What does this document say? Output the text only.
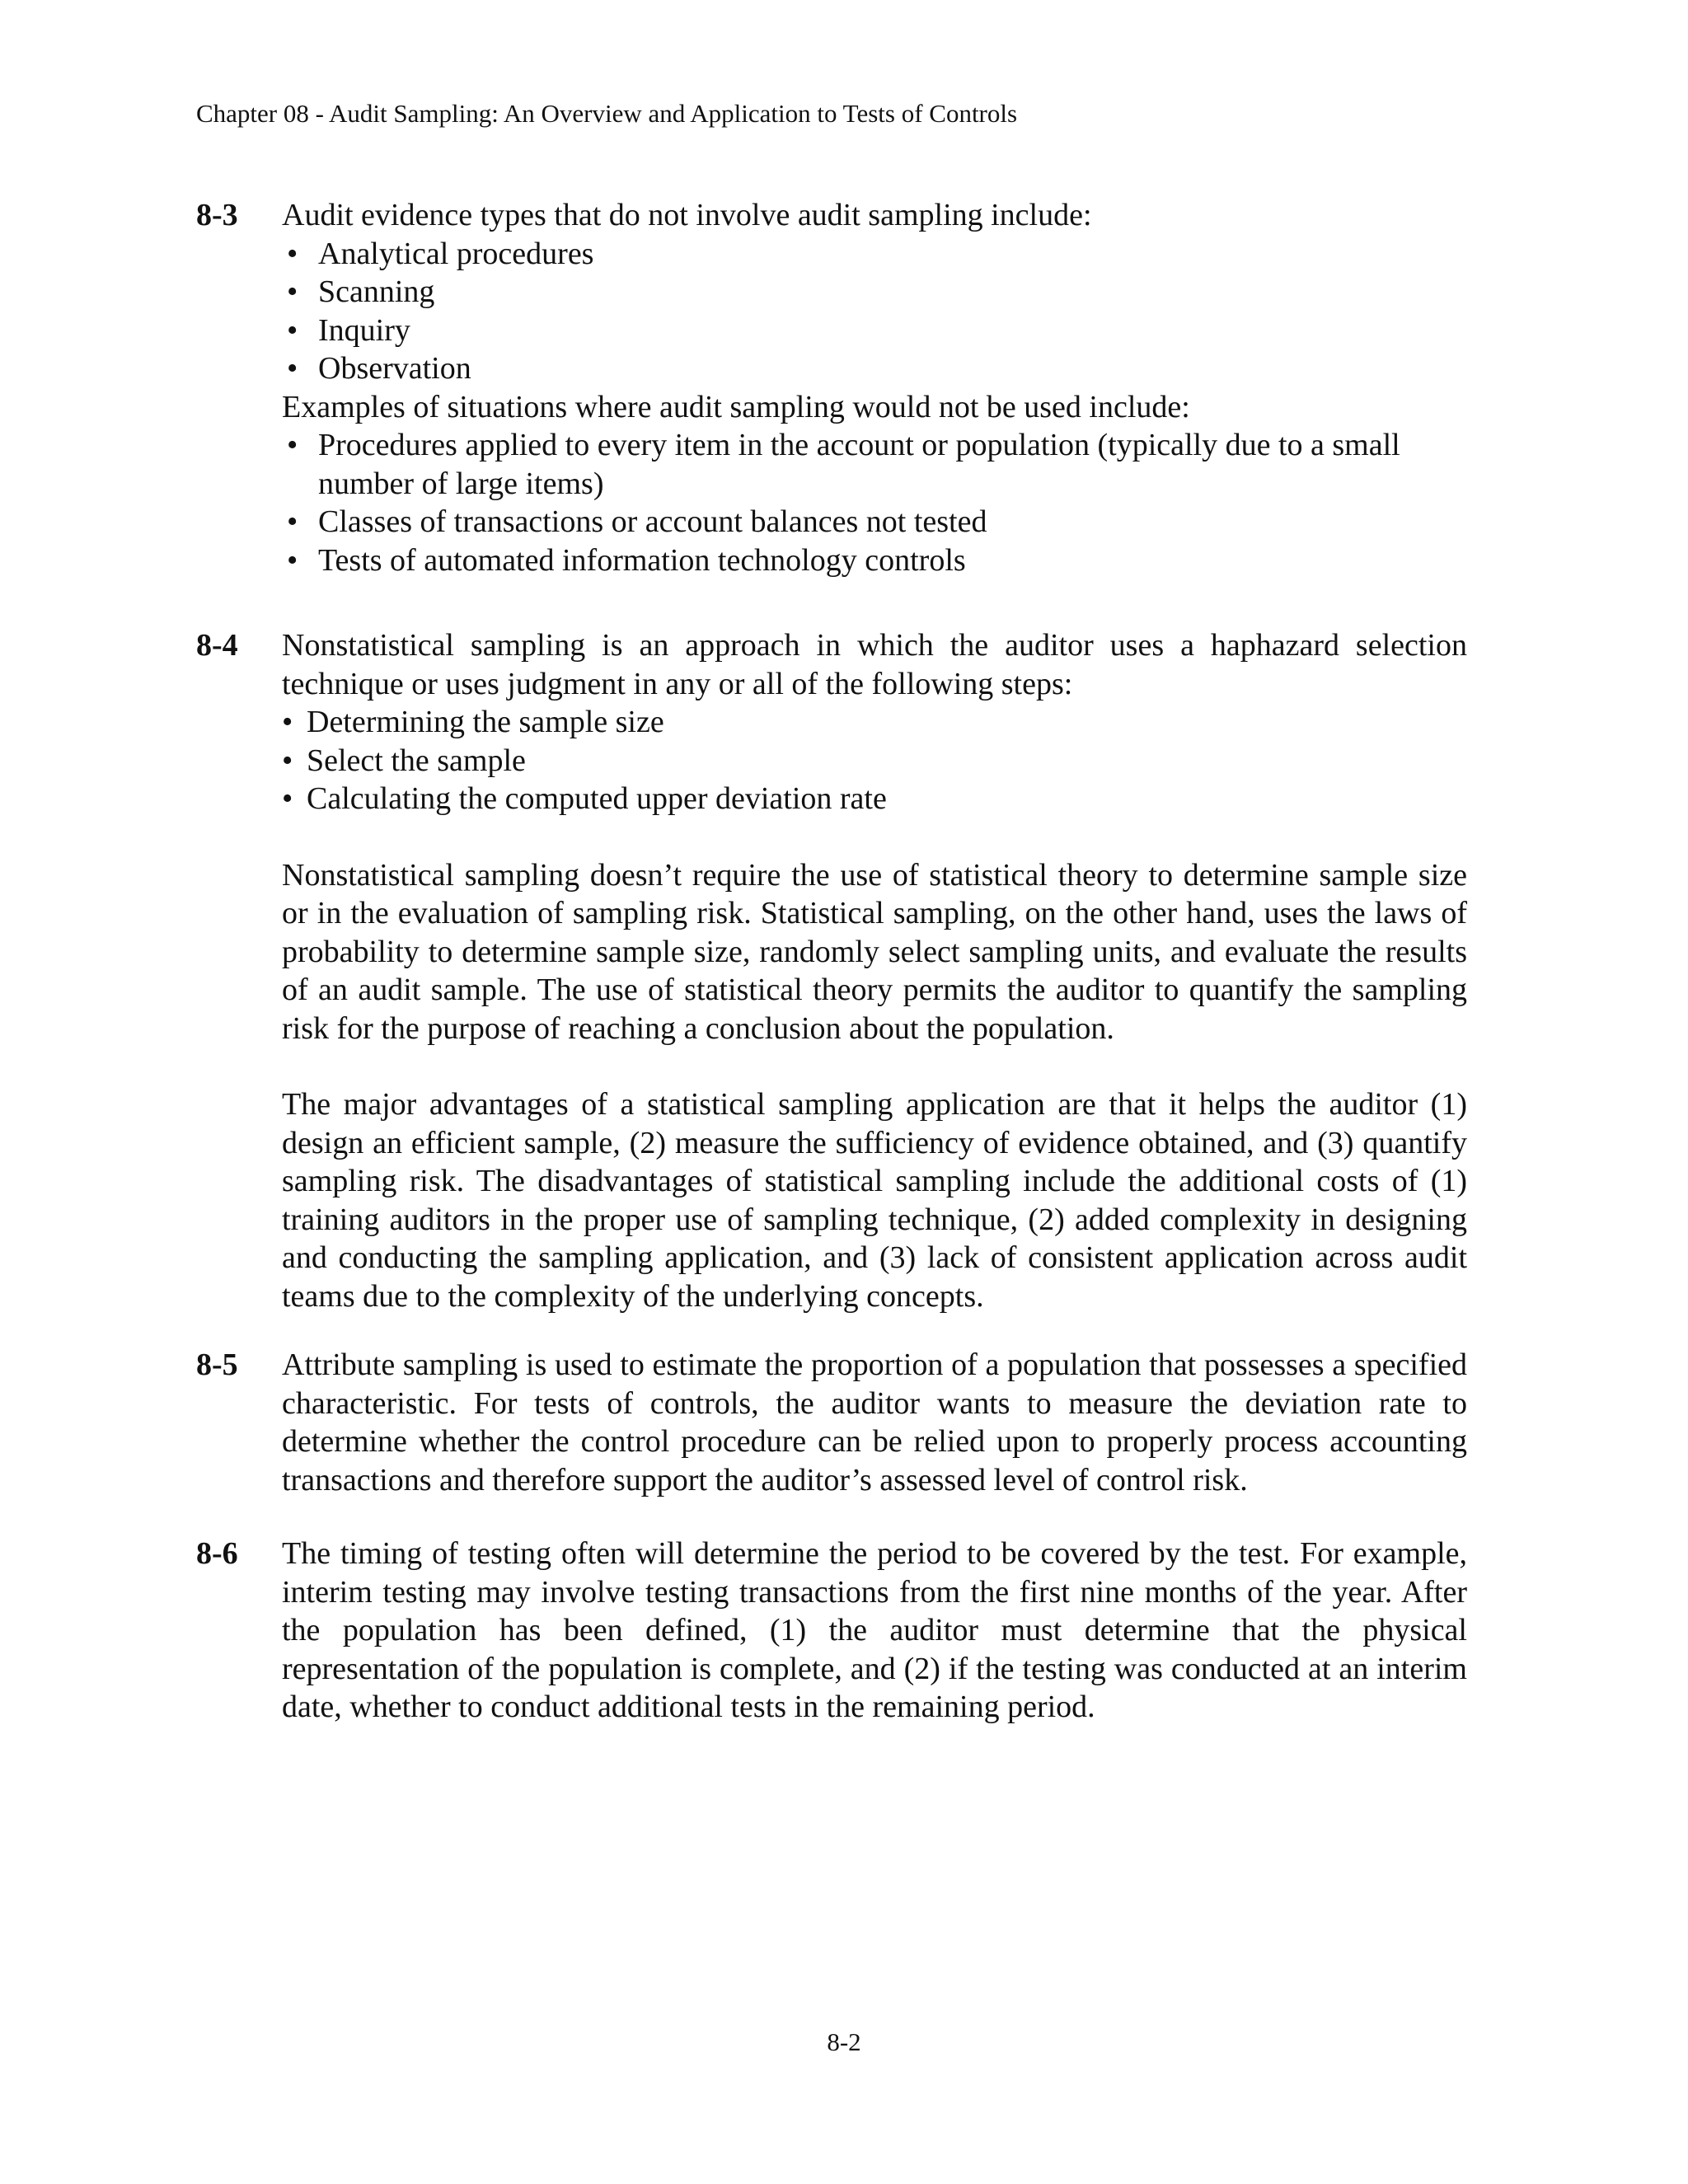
Chapter 08 - Audit Sampling: An Overview and Application to Tests of Controls
8-3 Audit evidence types that do not involve audit sampling include:

• Analytical procedures
• Scanning
• Inquiry
• Observation

Examples of situations where audit sampling would not be used include:

• Procedures applied to every item in the account or population (typically due to a small number of large items)
• Classes of transactions or account balances not tested
• Tests of automated information technology controls
8-4 Nonstatistical sampling is an approach in which the auditor uses a haphazard selection technique or uses judgment in any or all of the following steps:

• Determining the sample size
• Select the sample
• Calculating the computed upper deviation rate

Nonstatistical sampling doesn’t require the use of statistical theory to determine sample size or in the evaluation of sampling risk. Statistical sampling, on the other hand, uses the laws of probability to determine sample size, randomly select sampling units, and evaluate the results of an audit sample. The use of statistical theory permits the auditor to quantify the sampling risk for the purpose of reaching a conclusion about the population.

The major advantages of a statistical sampling application are that it helps the auditor (1) design an efficient sample, (2) measure the sufficiency of evidence obtained, and (3) quantify sampling risk. The disadvantages of statistical sampling include the additional costs of (1) training auditors in the proper use of sampling technique, (2) added complexity in designing and conducting the sampling application, and (3) lack of consistent application across audit teams due to the complexity of the underlying concepts.

8-5 Attribute sampling is used to estimate the proportion of a population that possesses a specified characteristic. For tests of controls, the auditor wants to measure the deviation rate to determine whether the control procedure can be relied upon to properly process accounting transactions and therefore support the auditor’s assessed level of control risk.

8-6 The timing of testing often will determine the period to be covered by the test. For example, interim testing may involve testing transactions from the first nine months of the year. After the population has been defined, (1) the auditor must determine that the physical representation of the population is complete, and (2) if the testing was conducted at an interim date, whether to conduct additional tests in the remaining period.

8-2
